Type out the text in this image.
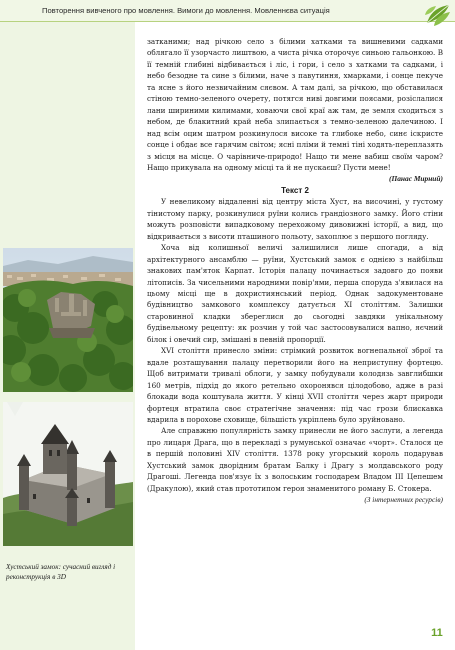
Повторення вивченого про мовлення. Вимоги до мовлення. Мовленнєва ситуація
Хустський замок: сучасний вигляд і реконструкція в 3D

затканими; над річкою село з білими хатками та вишневими садками облягало її узорчасто лиштвою, а чиста річка оторочує синьою гальонкою. В її темній глибині відбивається і ліс, і гори, і село з хатками та садками, і небо безодне та сине з білими, наче з павутиння, хмарками, і сонце пекуче та ясне з його незвичайним сяєвом. А там далі, за річкою, що обставилася стіною темно-зеленого очерету, потягся ниві довгими поясами, розіслалися лани шириними килимами, ховаючи свої краї аж там, де земля сходиться з небом, де блакитний край неба злипається з темно-зеленою далечиною. І над всім оцим шатром розкинулося високе та глибоке небо, синє іскристе сонце і обдає все гарячим світом; ясні пліми й темні тіні ходять-переплазять з місця на місце. О чарівниче-природо! Нащо ти мене вабиш своїм чаром? Нащо прикувала на одному місці та й не пускаєш? Пусти мене!

(Панас Мирний)

Текст 2

У невеликому віддаленні від центру міста Хуст, на височині, у густому тінистому парку, розкинулися руїни колись грандіозного замку. Його стіни можуть розповісти випадковому перехожому дивовижні історії, а вид, що відкривається з висоти пташиного польоту, захоплює з першого погляду.

Хоча від колишньої величі залишилися лише спогади, а від архітектурного ансамблю — руїни, Хустський замок є однією з найбільш знакових пам'яток Карпат. Історія палацу починається задовго до появи літописів. За чисельними народними повір'ями, перша споруда з'явилася на цьому місці ще в дохристиянський період. Однак задокументоване будівництво замкового комплексу датується XI століттям. Залишки старовинної кладки збереглися до сьогодні завдяки унікальному будівельному рецепту: як розчин у той час застосовувалися вапно, яєчний білок і овечий сир, змішані в певній пропорції.

XVI століття принесло зміни: стрімкий розвиток вогнепальної зброї та вдале розташування палацу перетворили його на неприступну фортецю. Щоб витримати тривалі облоги, у замку побудували колодязь завглибшки 160 метрів, підхід до якого ретельно охоронявся цілодобово, адже в разі блокади вода коштувала життя. У кінці XVII століття через жарт природи фортеця втратила своє стратегічне значення: під час грози блискавка вдарила в порохове сховище, більшість укріплень було зруйновано.

Але справжню популярність замку принесли не його заслуги, а легенда про лицаря Драга, що в перекладі з румунської означає «чорт». Сталося це в першій половині XIV століття. 1378 року угорський король подарував Хустський замок дворідним братам Балку і Драгу з молдавського роду Драгоші. Легенда пов'язує їх з волоським господарем Владом III Цепешем (Дракулою), який став прототипом героя знаменитого роману Б. Стокера.

(З інтернетних ресурсів)

11
